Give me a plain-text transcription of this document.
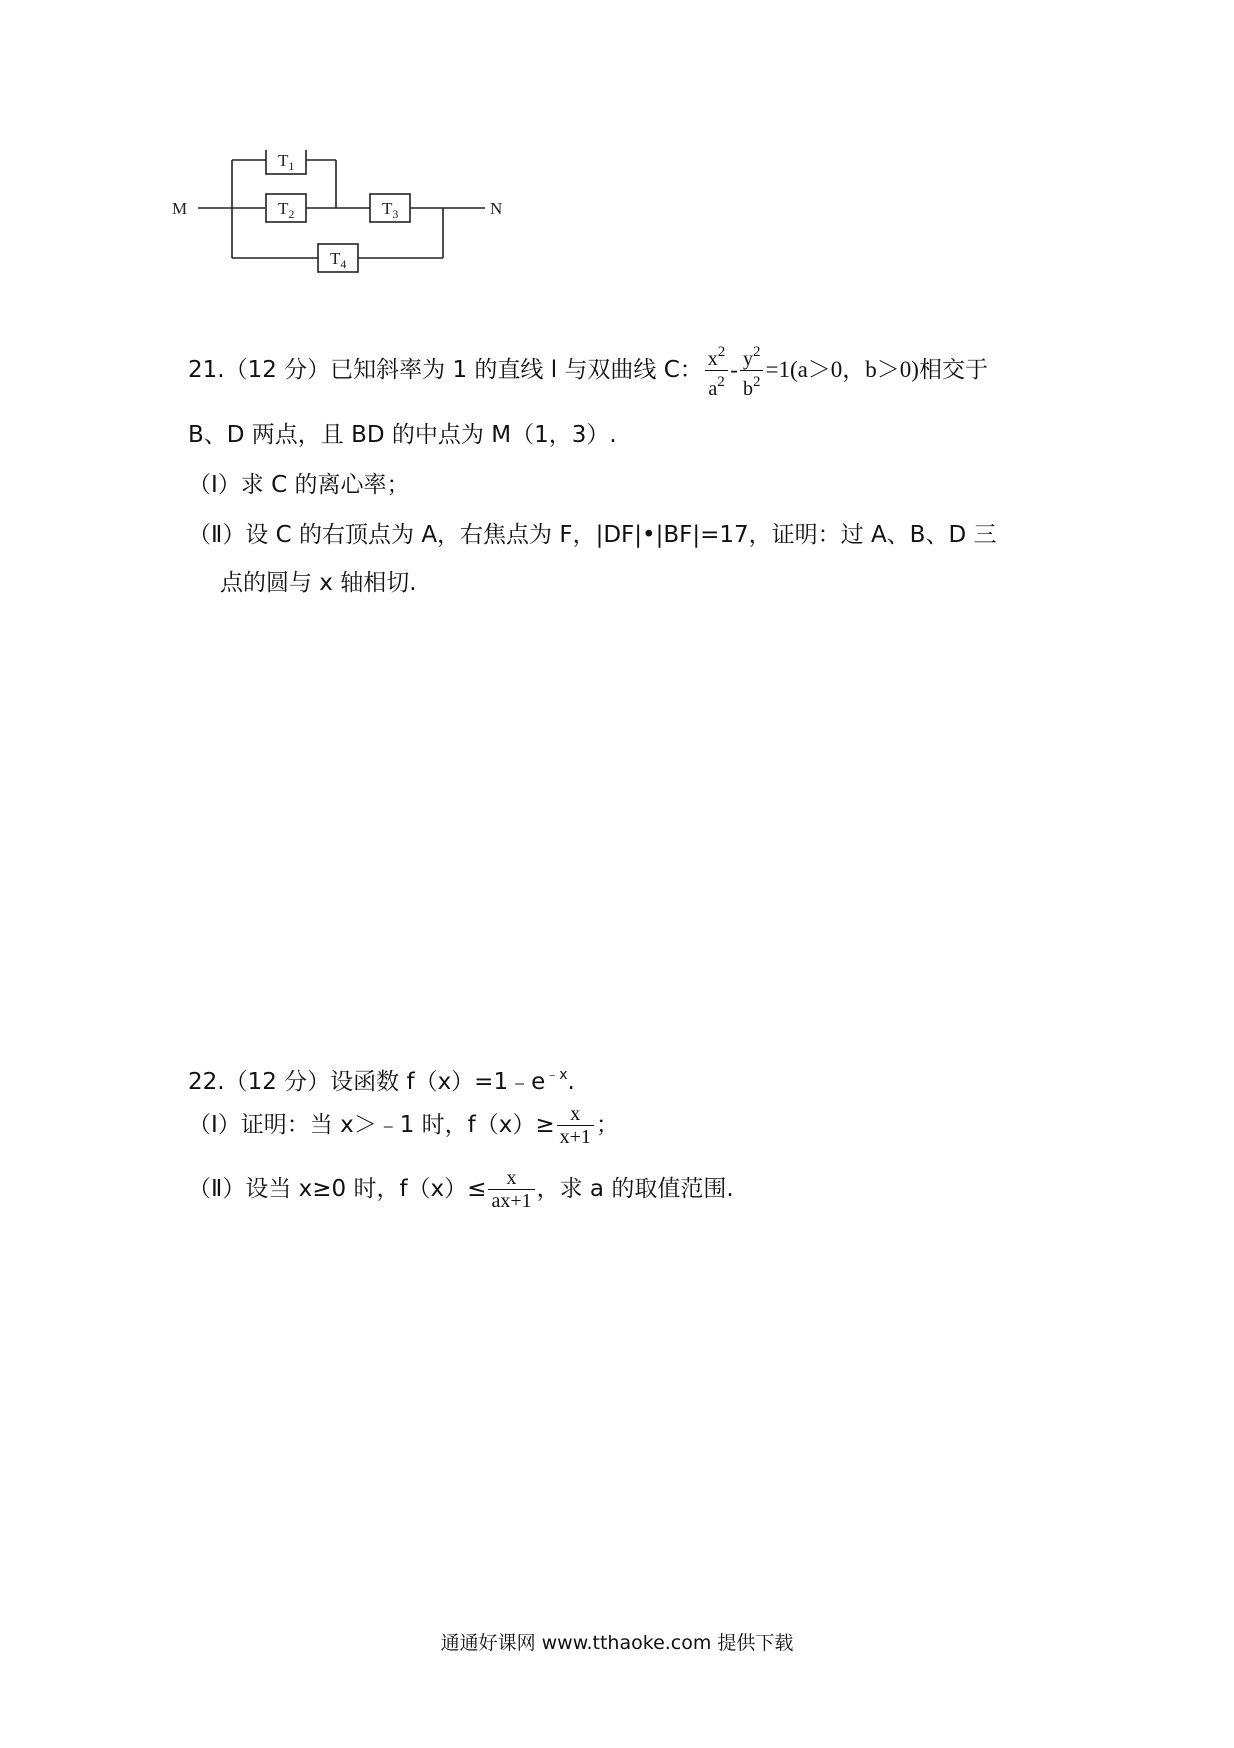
M	N
$T_1$
$T_2$	$T_3$
$T_4$
21.（12 分）已知斜率为 1 的直线 l 与双曲线 C： $\frac{x^2}{a^2} - \frac{y^2}{b^2} =1(a>0$，b＞0)相交于
B、D 两点，且 BD 的中点为 M（1，3）.
（Ⅰ）求 C 的离心率；
（Ⅱ）设 C 的右顶点为 A，右焦点为 F，|DF|•|BF|=17，证明：过 A、B、D 三
点的圆与 x 轴相切.
22.（12 分）设函数 $f(x)=1﹣e^{﹣x}$.
（Ⅰ）证明：当 x＞﹣1 时，$f(x)\ge \frac{x}{x+1}$ ；
（Ⅱ）设当 x≥0 时，$f(x)\le \frac{x}{ax+1}$ ，求 a 的取值范围.
通通好课网 www.tthaoke.com 提供下载
